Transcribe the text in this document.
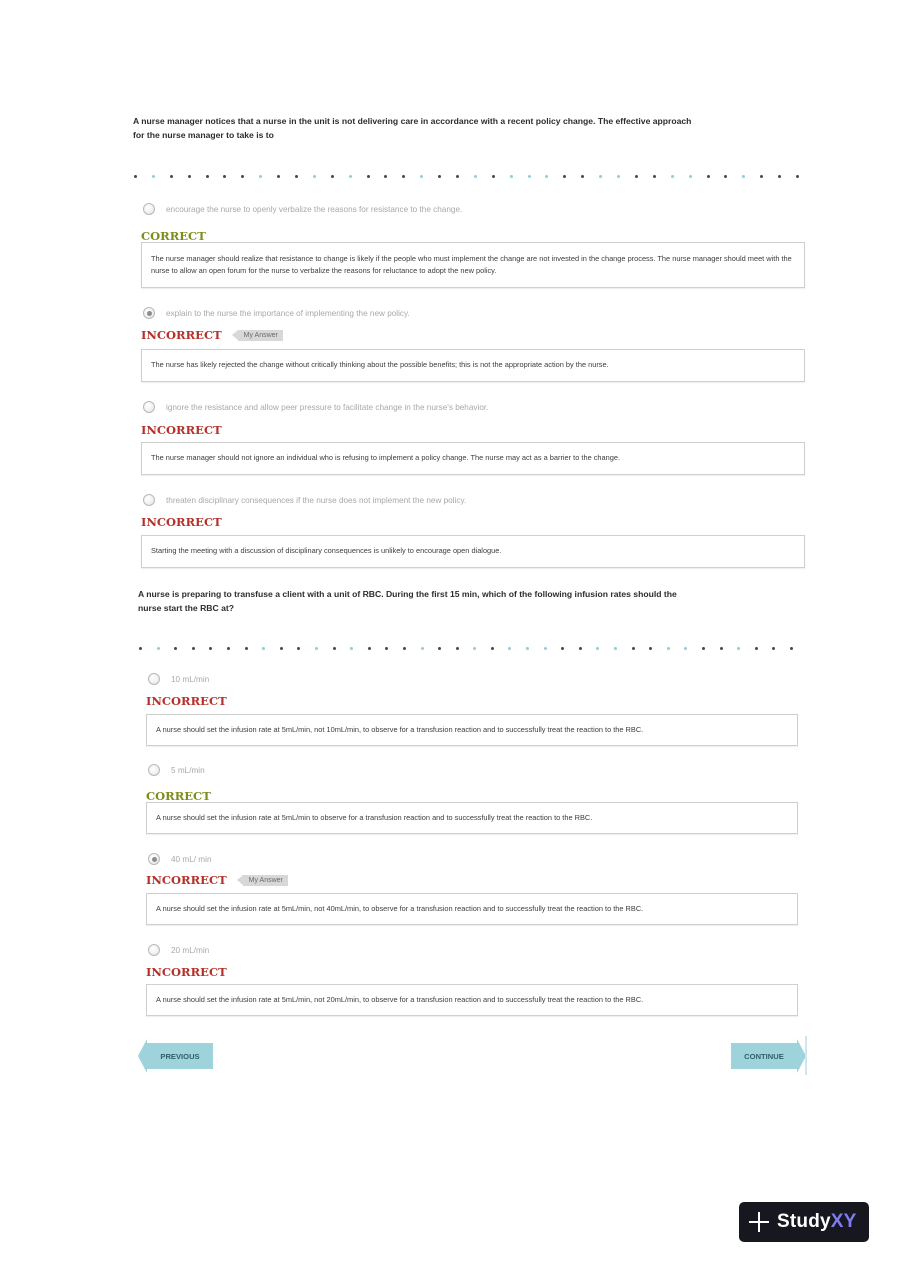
A nurse manager notices that a nurse in the unit is not delivering care in accordance with a recent policy change. The effective approach for the nurse manager to take is to
encourage the nurse to openly verbalize the reasons for resistance to the change.
CORRECT
The nurse manager should realize that resistance to change is likely if the people who must implement the change are not invested in the change process. The nurse manager should meet with the nurse to allow an open forum for the nurse to verbalize the reasons for reluctance to adopt the new policy.
explain to the nurse the importance of implementing the new policy.
INCORRECT	My Answer
The nurse has likely rejected the change without critically thinking about the possible benefits; this is not the appropriate action by the nurse.
ignore the resistance and allow peer pressure to facilitate change in the nurse's behavior.
INCORRECT
The nurse manager should not ignore an individual who is refusing to implement a policy change. The nurse may act as a barrier to the change.
threaten disciplinary consequences if the nurse does not implement the new policy.
INCORRECT
Starting the meeting with a discussion of disciplinary consequences is unlikely to encourage open dialogue.
A nurse is preparing to transfuse a client with a unit of RBC. During the first 15 min, which of the following infusion rates should the nurse start the RBC at?
10 mL/min
INCORRECT
A nurse should set the infusion rate at 5mL/min, not 10mL/min, to observe for a transfusion reaction and to successfully treat the reaction to the RBC.
5 mL/min
CORRECT
A nurse should set the infusion rate at 5mL/min to observe for a transfusion reaction and to successfully treat the reaction to the RBC.
40 mL/ min
INCORRECT	My Answer
A nurse should set the infusion rate at 5mL/min, not 40mL/min, to observe for a transfusion reaction and to successfully treat the reaction to the RBC.
20 mL/min
INCORRECT
A nurse should set the infusion rate at 5mL/min, not 20mL/min, to observe for a transfusion reaction and to successfully treat the reaction to the RBC.
PREVIOUS	CONTINUE
StudyXY
